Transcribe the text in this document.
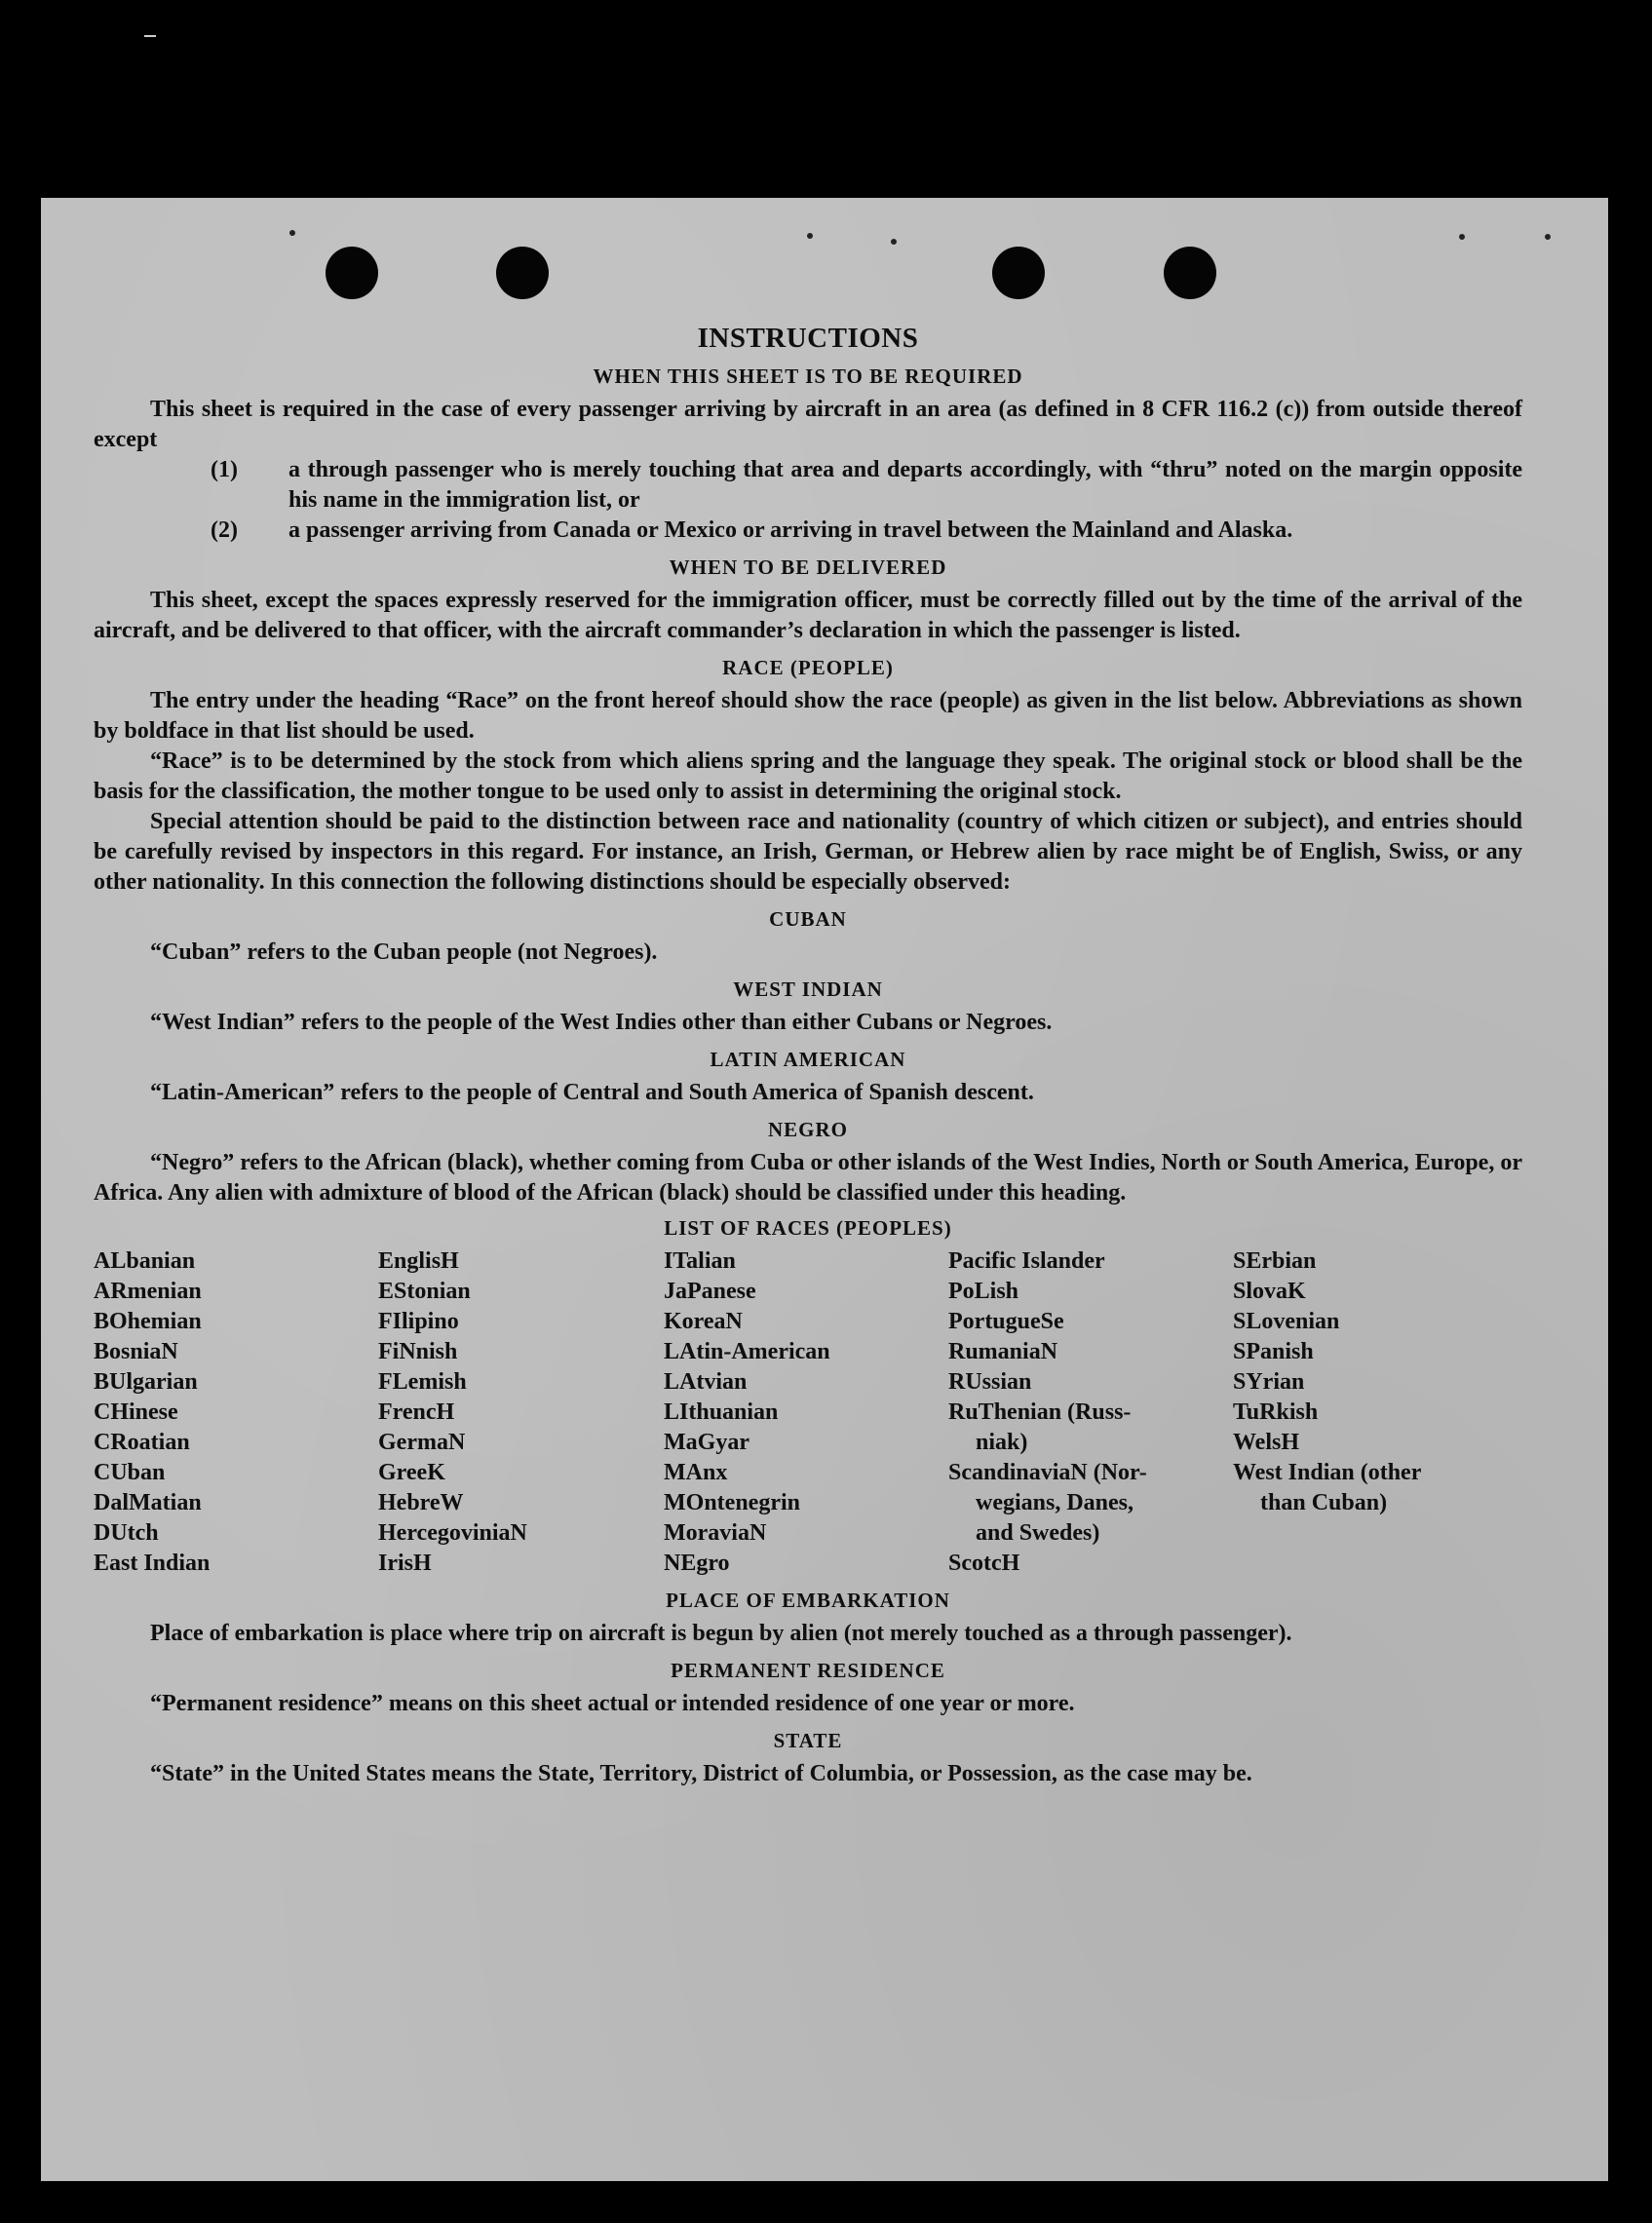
INSTRUCTIONS
WHEN THIS SHEET IS TO BE REQUIRED

This sheet is required in the case of every passenger arriving by aircraft in an area (as defined in 8 CFR 116.2 (c)) from outside thereof except

(1) a through passenger who is merely touching that area and departs accordingly, with “thru” noted on the margin opposite his name in the immigration list, or
(2) a passenger arriving from Canada or Mexico or arriving in travel between the Mainland and Alaska.
WHEN TO BE DELIVERED

This sheet, except the spaces expressly reserved for the immigration officer, must be correctly filled out by the time of the arrival of the aircraft, and be delivered to that officer, with the aircraft commander’s declaration in which the passenger is listed.

RACE (PEOPLE)

The entry under the heading “Race” on the front hereof should show the race (people) as given in the list below. Abbreviations as shown by boldface in that list should be used.

“Race” is to be determined by the stock from which aliens spring and the language they speak. The original stock or blood shall be the basis for the classification, the mother tongue to be used only to assist in determining the original stock.

Special attention should be paid to the distinction between race and nationality (country of which citizen or subject), and entries should be carefully revised by inspectors in this regard. For instance, an Irish, German, or Hebrew alien by race might be of English, Swiss, or any other nationality. In this connection the following distinctions should be especially observed:

CUBAN

“Cuban” refers to the Cuban people (not Negroes).

WEST INDIAN

“West Indian” refers to the people of the West Indies other than either Cubans or Negroes.

LATIN AMERICAN

“Latin-American” refers to the people of Central and South America of Spanish descent.

NEGRO

“Negro” refers to the African (black), whether coming from Cuba or other islands of the West Indies, North or South America, Europe, or Africa. Any alien with admixture of blood of the African (black) should be classified under this heading.

LIST OF RACES (PEOPLES)
ALbanian
ARmenian
BOhemian
BosniaN
BUlgarian
CHinese
CRoatian
CUban
DalMatian
DUtch
East Indian
EnglisH
EStonian
FIlipino
FiNnish
FLemish
FrencH
GermaN
GreeK
HebreW
HercegoviniaN
IrisH
ITalian
JaPanese
KoreaN
LAtin-American
LAtvian
LIthuanian
MaGyar
MAnx
MOntenegrin
MoraviaN
NEgro
Pacific Islander
PoLish
PortugueSe
RumaniaN
RUssian
RuThenian (Russ-
niak)
ScandinaviaN (Nor-
wegians, Danes,
and Swedes)
ScotcH
SErbian
SlovaK
SLovenian
SPanish
SYrian
TuRkish
WelsH
West Indian (other
than Cuban)
PLACE OF EMBARKATION

Place of embarkation is place where trip on aircraft is begun by alien (not merely touched as a through passenger).

PERMANENT RESIDENCE

“Permanent residence” means on this sheet actual or intended residence of one year or more.

STATE

“State” in the United States means the State, Territory, District of Columbia, or Possession, as the case may be.
